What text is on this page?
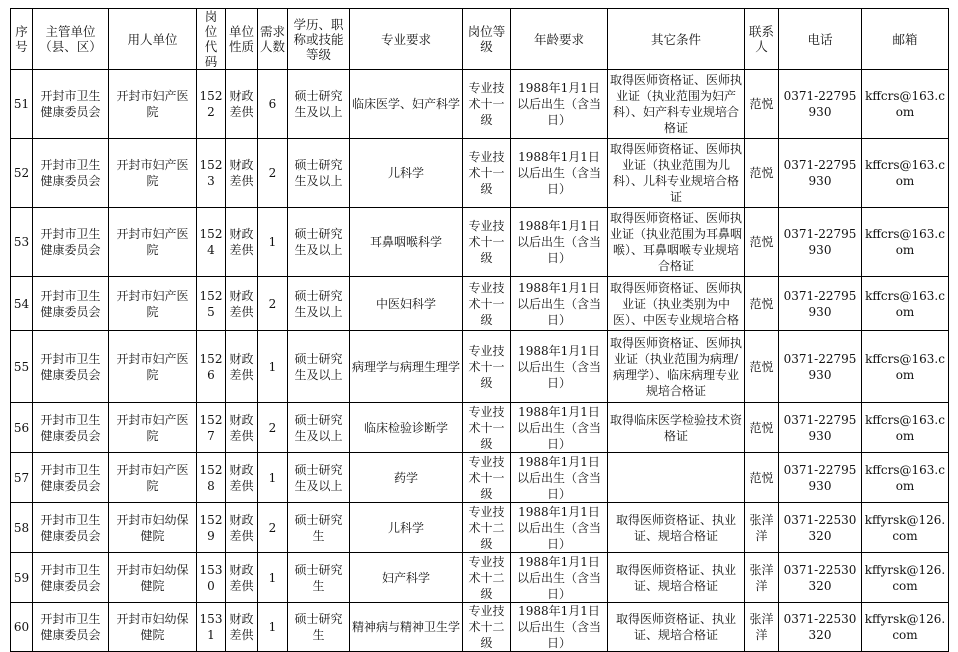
序号	主管单位（县、区）	用人单位	岗位代码	单位性质	需求人数	学历、职称或技能等级	专业要求	岗位等级	年龄要求	其它条件	联系人	电话	邮箱
51	开封市卫生健康委员会	开封市妇产医院	1522	财政差供	6	硕士研究生及以上	临床医学、妇产科学	专业技术十一级	1988年1月1日以后出生（含当日）	取得医师资格证、医师执业证（执业范围为妇产科）、妇产科专业规培合格证	范悦	0371-22795930	kffcrs@163.com
52	开封市卫生健康委员会	开封市妇产医院	1523	财政差供	2	硕士研究生及以上	儿科学	专业技术十一级	1988年1月1日以后出生（含当日）	取得医师资格证、医师执业证（执业范围为儿科）、儿科专业规培合格证	范悦	0371-22795930	kffcrs@163.com
53	开封市卫生健康委员会	开封市妇产医院	1524	财政差供	1	硕士研究生及以上	耳鼻咽喉科学	专业技术十一级	1988年1月1日以后出生（含当日）	取得医师资格证、医师执业证（执业范围为耳鼻咽喉）、耳鼻咽喉专业规培合格证	范悦	0371-22795930	kffcrs@163.com
54	开封市卫生健康委员会	开封市妇产医院	1525	财政差供	2	硕士研究生及以上	中医妇科学	专业技术十一级	1988年1月1日以后出生（含当日）	取得医师资格证、医师执业证（执业类别为中医）、中医专业规培合格	范悦	0371-22795930	kffcrs@163.com
55	开封市卫生健康委员会	开封市妇产医院	1526	财政差供	1	硕士研究生及以上	病理学与病理生理学	专业技术十一级	1988年1月1日以后出生（含当日）	取得医师资格证、医师执业证（执业范围为病理/病理学）、临床病理专业规培合格证	范悦	0371-22795930	kffcrs@163.com
56	开封市卫生健康委员会	开封市妇产医院	1527	财政差供	2	硕士研究生及以上	临床检验诊断学	专业技术十一级	1988年1月1日以后出生（含当日）	取得临床医学检验技术资格证	范悦	0371-22795930	kffcrs@163.com
57	开封市卫生健康委员会	开封市妇产医院	1528	财政差供	1	硕士研究生及以上	药学	专业技术十一级	1988年1月1日以后出生（含当日）		范悦	0371-22795930	kffcrs@163.com
58	开封市卫生健康委员会	开封市妇幼保健院	1529	财政差供	2	硕士研究生	儿科学	专业技术十二级	1988年1月1日以后出生（含当日）	取得医师资格证、执业证、规培合格证	张洋洋	0371-22530320	kffyrsk@126.com
59	开封市卫生健康委员会	开封市妇幼保健院	1530	财政差供	1	硕士研究生	妇产科学	专业技术十二级	1988年1月1日以后出生（含当日）	取得医师资格证、执业证、规培合格证	张洋洋	0371-22530320	kffyrsk@126.com
60	开封市卫生健康委员会	开封市妇幼保健院	1531	财政差供	1	硕士研究生	精神病与精神卫生学	专业技术十二级	1988年1月1日以后出生（含当日）	取得医师资格证、执业证、规培合格证	张洋洋	0371-22530320	kffyrsk@126.com
